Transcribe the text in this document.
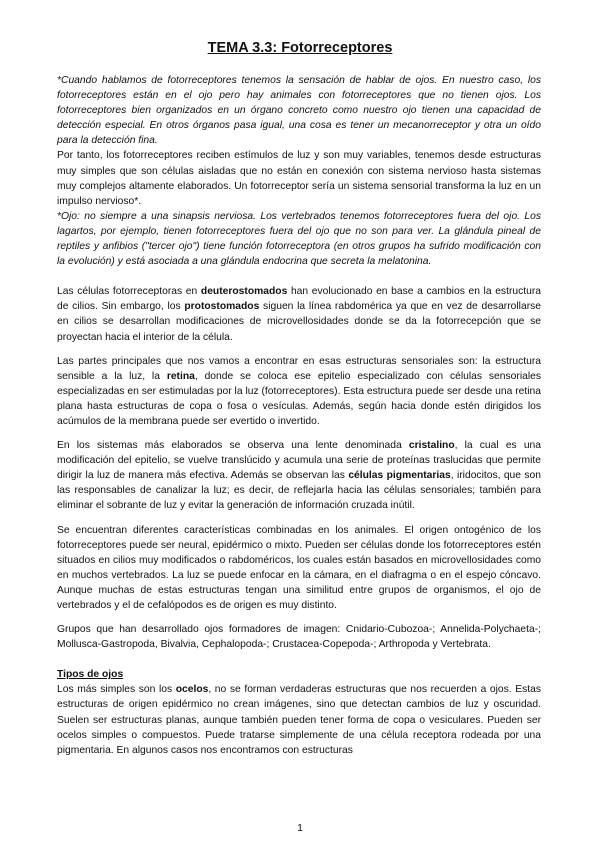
TEMA 3.3: Fotorreceptores

*Cuando hablamos de fotorreceptores tenemos la sensación de hablar de ojos. En nuestro caso, los fotorreceptores están en el ojo pero hay animales con fotorreceptores que no tienen ojos. Los fotorreceptores bien organizados en un órgano concreto como nuestro ojo tienen una capacidad de detección especial. En otros órganos pasa igual, una cosa es tener un mecanorreceptor y otra un oído para la detección fina.

Por tanto, los fotorreceptores reciben estímulos de luz y son muy variables, tenemos desde estructuras muy simples que son células aisladas que no están en conexión con sistema nervioso hasta sistemas muy complejos altamente elaborados. Un fotorreceptor sería un sistema sensorial transforma la luz en un impulso nervioso*.

*Ojo: no siempre a una sinapsis nerviosa. Los vertebrados tenemos fotorreceptores fuera del ojo. Los lagartos, por ejemplo, tienen fotorreceptores fuera del ojo que no son para ver. La glándula pineal de reptiles y anfibios ("tercer ojo") tiene función fotorreceptora (en otros grupos ha sufrido modificación con la evolución) y está asociada a una glándula endocrina que secreta la melatonina.

Las células fotorreceptoras en deuterostomados han evolucionado en base a cambios en la estructura de cilios. Sin embargo, los protostomados siguen la línea rabdomérica ya que en vez de desarrollarse en cilios se desarrollan modificaciones de microvellosidades donde se da la fotorrecepción que se proyectan hacia el interior de la célula.

Las partes principales que nos vamos a encontrar en esas estructuras sensoriales son: la estructura sensible a la luz, la retina, donde se coloca ese epitelio especializado con células sensoriales especializadas en ser estimuladas por la luz (fotorreceptores). Esta estructura puede ser desde una retina plana hasta estructuras de copa o fosa o vesículas. Además, según hacia donde estén dirigidos los acúmulos de la membrana puede ser evertido o invertido.

En los sistemas más elaborados se observa una lente denominada cristalino, la cual es una modificación del epitelio, se vuelve translúcido y acumula una serie de proteínas traslucidas que permite dirigir la luz de manera más efectiva. Además se observan las células pigmentarias, iridocitos, que son las responsables de canalizar la luz; es decir, de reflejarla hacia las células sensoriales; también para eliminar el sobrante de luz y evitar la generación de información cruzada inútil.

Se encuentran diferentes características combinadas en los animales. El origen ontogénico de los fotorreceptores puede ser neural, epidérmico o mixto. Pueden ser células donde los fotorreceptores estén situados en cilios muy modificados o rabdoméricos, los cuales están basados en microvellosidades como en muchos vertebrados. La luz se puede enfocar en la cámara, en el diafragma o en el espejo cóncavo. Aunque muchas de estas estructuras tengan una similitud entre grupos de organismos, el ojo de vertebrados y el de cefalópodos es de origen es muy distinto.

Grupos que han desarrollado ojos formadores de imagen: Cnidario-Cubozoa-; Annelida-Polychaeta-; Mollusca-Gastropoda, Bivalvia, Cephalopoda-; Crustacea-Copepoda-; Arthropoda y Vertebrata.

Tipos de ojos

Los más simples son los ocelos, no se forman verdaderas estructuras que nos recuerden a ojos. Estas estructuras de origen epidérmico no crean imágenes, sino que detectan cambios de luz y oscuridad. Suelen ser estructuras planas, aunque también pueden tener forma de copa o vesiculares. Pueden ser ocelos simples o compuestos. Puede tratarse simplemente de una célula receptora rodeada por una pigmentaria. En algunos casos nos encontramos con estructuras

1
